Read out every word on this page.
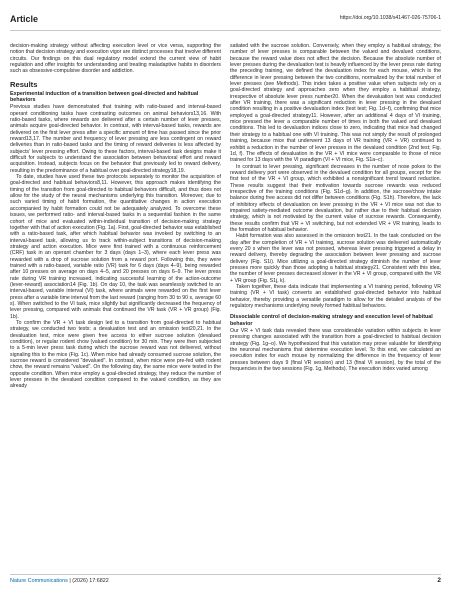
Article	https://doi.org/10.1038/s41467-026-75706-1

decision-making strategy without affecting execution level or vice versa, supporting the notion that decision strategy and execution vigor are distinct processes that involve different circuits. Our findings on this dual regulatory model extend the current view of habit regulation and offer insights for understanding and treating maladaptive habits in disorders such as obsessive-compulsive disorder and addiction.

Results
Experimental induction of a transition between goal-directed and habitual behaviors

Previous studies have demonstrated that training with ratio-based and interval-based operant conditioning tasks have contrasting outcomes on animal behaviors13,16. With ratio-based tasks, where rewards are delivered after a certain number of lever presses, animals acquire goal-directed behavior. In contrast, with interval-based tasks, rewards are delivered on the first lever press after a specific amount of time has passed since the prior reward13,17. The number and frequency of lever pressing are less contingent on reward deliveries than in ratio-based tasks and the timing of reward deliveries is less affected by subjects' lever pressing effort. Owing to these factors, interval-based task designs make it difficult for subjects to understand the association between behavioral effort and reward acquisition. Instead, subjects focus on the behavior that previously led to reward delivery, resulting in the predominance of a habitual over goal-directed strategy18,19.

To date, studies have used these two protocols separately to monitor the acquisition of goal-directed and habitual behaviors8,11. However, this approach makes identifying the timing of the transition from goal-directed to habitual behaviors difficult, and thus does not allow for the study of the neural mechanisms underlying this transition. Moreover, due to such varied timing of habit formation, the quantitative changes in action execution accompanied by habit formation could not be adequately analyzed. To overcome these issues, we performed ratio- and interval-based tasks in a sequential fashion in the same cohort of mice and evaluated within-individual transition of decision-making strategy together with that of action execution (Fig. 1a). First, goal-directed behavior was established with a ratio-based task, after which habitual behavior was invoked by switching to an interval-based task, allowing us to track within-subject transitions of decision-making strategy and action execution. Mice were first trained with a continuous reinforcement (CRF) task in an operant chamber for 3 days (days 1–3), where each lever press was rewarded with a drop of sucrose solution from a reward port. Following this, they were trained with a ratio-based, variable ratio (VR) task for 6 days (days 4–9), being rewarded after 10 presses on average on days 4–5, and 20 presses on days 6–9. The lever press rate during VR training increased, indicating successful learning of the action-outcome (lever-reward) association14 (Fig. 1b). On day 10, the task was seamlessly switched to an interval-based, variable interval (VI) task, where animals were rewarded on the first lever press after a variable time interval from the last reward (ranging from 30 to 90 s, average 60 s). When switched to the VI task, mice slightly but significantly decreased the frequency of lever pressing, compared with animals that continued the VR task (VR + VR group) (Fig. 1b).

To confirm the VR + VI task design led to a transition from goal-directed to habitual strategy, we conducted two tests: a devaluation test and an omission test20,21. In the devaluation test, mice were given free access to either sucrose solution (devalued condition), or regular rodent chow (valued condition) for 30 min. They were then subjected to a 5-min lever press task during which the sucrose reward was not delivered, without signaling this to the mice (Fig. 1c). When mice had already consumed sucrose solution, the sucrose reward is considered "devalued". In contrast, when mice were pre-fed with rodent chow, the reward remains "valued". On the following day, the same mice were tested in the opposite condition. When mice employ a goal-directed strategy, they reduce the number of lever presses in the devalued condition compared to the valued condition, as they are already

satiated with the sucrose solution. Conversely, when they employ a habitual strategy, the number of lever presses is comparable between the valued and devalued conditions, because the reward value does not affect the decision. Because the absolute number of lever presses during the devaluation test is heavily influenced by the lever press rate during the preceding training, we defined the devaluation index for each mouse, which is the difference in lever pressing between the two conditions, normalized by the total number of lever presses (see Methods). This index takes a positive value when subjects rely on a goal-directed strategy and approaches zero when they employ a habitual strategy, irrespective of absolute lever press number20. When the devaluation test was conducted after VR training, there was a significant reduction in lever pressing in the devalued condition resulting in a positive devaluation index (test test; Fig. 1d–f), confirming that mice employed a goal-directed strategy11. However, after an additional 4 days of VI training, mice pressed the lever a comparable number of times in both the valued and devalued conditions. This led to devaluation indices close to zero, indicating that mice had changed their strategy to a habitual one with VI training. This was not simply the result of prolonged training, because mice that underwent 13 days of VR training (VR + VR) continued to exhibit a reduction in the number of lever presses in the devalued condition (2nd test; Fig. 1d, f). The effects of devaluation in the VR + VI mice were comparable to those of mice trained for 13 days with the VI paradigm (VI + VI mice, Fig. S1a–c).

In contrast to lever pressing, significant decreases in the number of nose pokes to the reward delivery port were observed in the devalued condition for all groups, except for the first test of the VR + VI group, which exhibited a nonsignificant trend toward reduction. These results suggest that their motivation towards sucrose rewards was reduced irrespective of the training conditions (Fig. S1d–g). In addition, the sucrose/chow intake balance during free access did not differ between conditions (Fig. S1h). Therefore, the lack of inhibitory effects of devaluation on lever pressing in the VR + VI mice was not due to impaired satiety-mediated outcome devaluation, but rather due to their habitual decision strategy, which is not motivated by the current value of sucrose rewards. Consequently, these results confirm that VR + VI switching, but not extended VR + VR training, leads to the formation of habitual behavior.

Habit formation was also assessed in the omission test21. In the task conducted on the day after the completion of VR + VI training, sucrose solution was delivered automatically every 20 s when the lever was not pressed, whereas lever pressing triggered a delay in reward delivery, thereby degrading the association between lever pressing and sucrose delivery (Fig. S1i). Mice utilizing a goal-directed strategy diminish the number of lever presses more quickly than those adopting a habitual strategy21. Consistent with this idea, the number of lever presses decreased slower in the VR + VI group, compared with the VR + VR group (Fig. S1j, k).

Taken together, these data indicate that implementing a VI training period, following VR training (VR + VI task) converts an established goal-directed behavior into habitual behavior, thereby providing a versatile paradigm to allow for the detailed analysis of the regulatory mechanisms underlying newly formed habitual behaviors.

Dissociable control of decision-making strategy and execution level of habitual behavior

Our VR + VI task data revealed there was considerable variation within subjects in lever pressing changes associated with the transition from a goal-directed to habitual decision strategy (Fig. 1g–o). We hypothesized that this variation may prove valuable for identifying the neuronal mechanisms that determine execution level. To this end, we calculated an execution index for each mouse by normalizing the difference in the frequency of lever presses between days 9 (final VR session) and 13 (final VI session), by the total of the frequencies in the two sessions (Fig. 1g, Methods). The execution index varied among

Nature Communications | (2026) 17:6822	2
